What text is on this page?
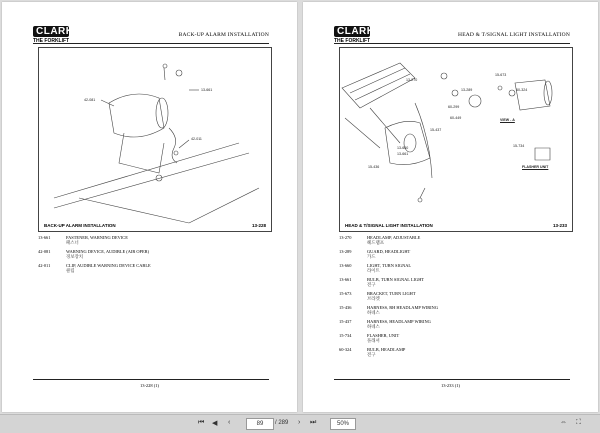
CLARK
THE FORKLIFT
BACK-UP ALARM INSTALLATION
42-081
13-661
42-011
BACK-UP ALARM INSTALLATION	13-228
13-661	FASTENER, WARNING DEVICE
패스너
42-081	WARNING DEVICE, AUDIBLE (AIR OPER)
경보장치
42-011	CLIP, AUDIBLE WARNING DEVICE CABLE
클립
13-228 (1)
CLARK
THE FORKLIFT
HEAD & T/SIGNAL LIGHT INSTALLATION
13-270
15-673
60-324
13-289
60-299
60-449
15-437
13-660
13-661
15-436
15-734
VIEW - A
FLASHER UNIT
HEAD & T/SIGNAL LIGHT INSTALLATION	13-233
13-270	HEADLAMP, ADJUSTABLE
헤드램프
13-289	GUARD, HEADLIGHT
가드
13-660	LIGHT, TURN SIGNAL
라이트
13-661	BULB, TURN SIGNAL LIGHT
전구
15-673	BRACKET, TURN LIGHT
브라켓
15-436	HARNESS, RH HEADLAMP WIRING
하네스
15-437	HARNESS, HEADLAMP WIRING
하네스
15-734	FLASHER, UNIT
플래셔
60-324	BULB, HEADLAMP
전구
13-233 (1)
⏮ ◀ ‹	89	/ 289 › ⏭	50%	⇔ ⛶
